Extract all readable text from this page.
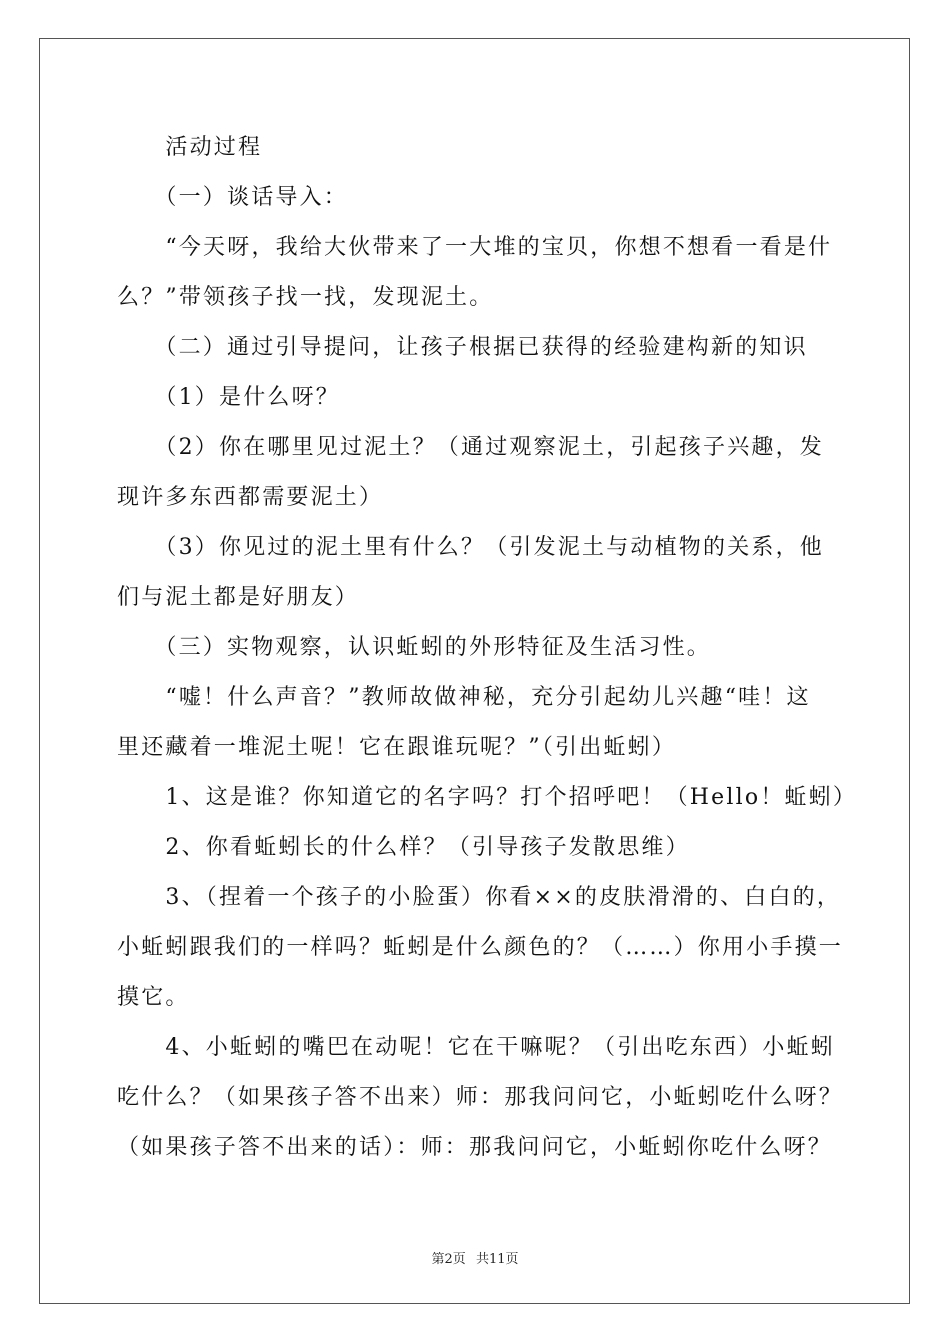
　　活动过程
　　（一）谈话导入：
　　“今天呀，我给大伙带来了一大堆的宝贝，你想不想看一看是什
么？”带领孩子找一找，发现泥土。
　　（二）通过引导提问，让孩子根据已获得的经验建构新的知识
　　（1）是什么呀？
　　（2）你在哪里见过泥土？（通过观察泥土，引起孩子兴趣，发
现许多东西都需要泥土）
　　（3）你见过的泥土里有什么？（引发泥土与动植物的关系，他
们与泥土都是好朋友）
　　（三）实物观察，认识蚯蚓的外形特征及生活习性。
　　“嘘！什么声音？”教师故做神秘，充分引起幼儿兴趣“哇！这
里还藏着一堆泥土呢！它在跟谁玩呢？”（引出蚯蚓）
　　1、这是谁？你知道它的名字吗？打个招呼吧！（Hello！蚯蚓）
　　2、你看蚯蚓长的什么样？（引导孩子发散思维）
　　3、（捏着一个孩子的小脸蛋）你看××的皮肤滑滑的、白白的，
小蚯蚓跟我们的一样吗？蚯蚓是什么颜色的？（……）你用小手摸一
摸它。
　　4、小蚯蚓的嘴巴在动呢！它在干嘛呢？（引出吃东西）小蚯蚓
吃什么？（如果孩子答不出来）师：那我问问它，小蚯蚓吃什么呀？
（如果孩子答不出来的话）：师：那我问问它，小蚯蚓你吃什么呀？
第2页 共11页
